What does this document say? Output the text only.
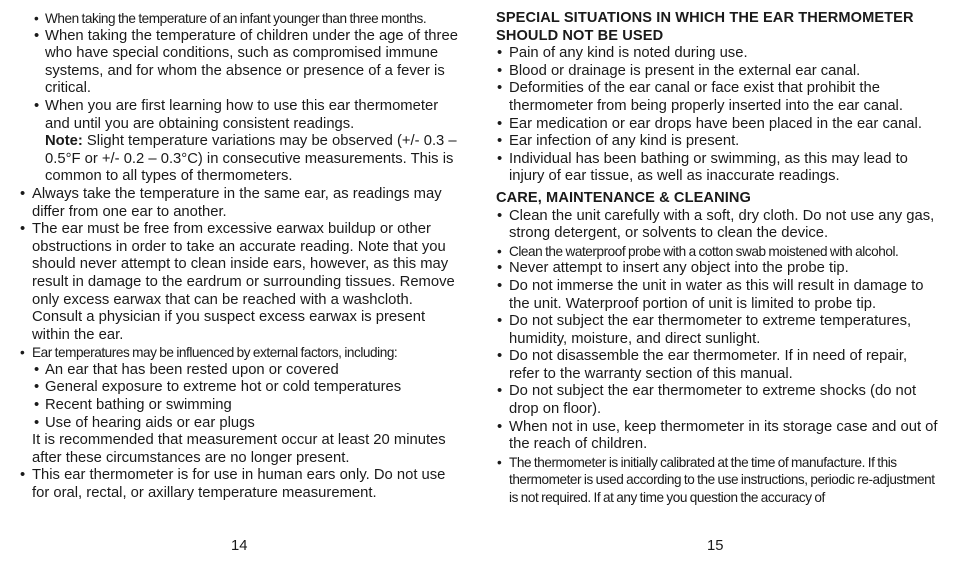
• When taking the temperature of an infant younger than three months.
• When taking the temperature of children under the age of three who have special conditions, such as compromised immune systems, and for whom the absence or presence of a fever is critical.
• When you are first learning how to use this ear thermometer and until you are obtaining consistent readings.
Note: Slight temperature variations may be observed (+/- 0.3 – 0.5°F or +/- 0.2 – 0.3°C) in consecutive measurements. This is common to all types of thermometers.
• Always take the temperature in the same ear, as readings may differ from one ear to another.
• The ear must be free from excessive earwax buildup or other obstructions in order to take an accurate reading. Note that you should never attempt to clean inside ears, however, as this may result in damage to the eardrum or surrounding tissues. Remove only excess earwax that can be reached with a washcloth. Consult a physician if you suspect excess earwax is present within the ear.
• Ear temperatures may be influenced by external factors, including:
• An ear that has been rested upon or covered
• General exposure to extreme hot or cold temperatures
• Recent bathing or swimming
• Use of hearing aids or ear plugs
It is recommended that measurement occur at least 20 minutes after these circumstances are no longer present.
• This ear thermometer is for use in human ears only. Do not use for oral, rectal, or axillary temperature measurement.
14
SPECIAL SITUATIONS IN WHICH THE EAR THERMOMETER SHOULD NOT BE USED
• Pain of any kind is noted during use.
• Blood or drainage is present in the external ear canal.
• Deformities of the ear canal or face exist that prohibit the thermometer from being properly inserted into the ear canal.
• Ear medication or ear drops have been placed in the ear canal.
• Ear infection of any kind is present.
• Individual has been bathing or swimming, as this may lead to injury of ear tissue, as well as inaccurate readings.
CARE, MAINTENANCE & CLEANING
• Clean the unit carefully with a soft, dry cloth. Do not use any gas, strong detergent, or solvents to clean the device.
• Clean the waterproof probe with a cotton swab moistened with alcohol.
• Never attempt to insert any object into the probe tip.
• Do not immerse the unit in water as this will result in damage to the unit. Waterproof portion of unit is limited to probe tip.
• Do not subject the ear thermometer to extreme temperatures, humidity, moisture, and direct sunlight.
• Do not disassemble the ear thermometer. If in need of repair, refer to the warranty section of this manual.
• Do not subject the ear thermometer to extreme shocks (do not drop on floor).
• When not in use, keep thermometer in its storage case and out of the reach of children.
• The thermometer is initially calibrated at the time of manufacture. If this thermometer is used according to the use instructions, periodic re-adjustment is not required. If at any time you question the accuracy of
15
